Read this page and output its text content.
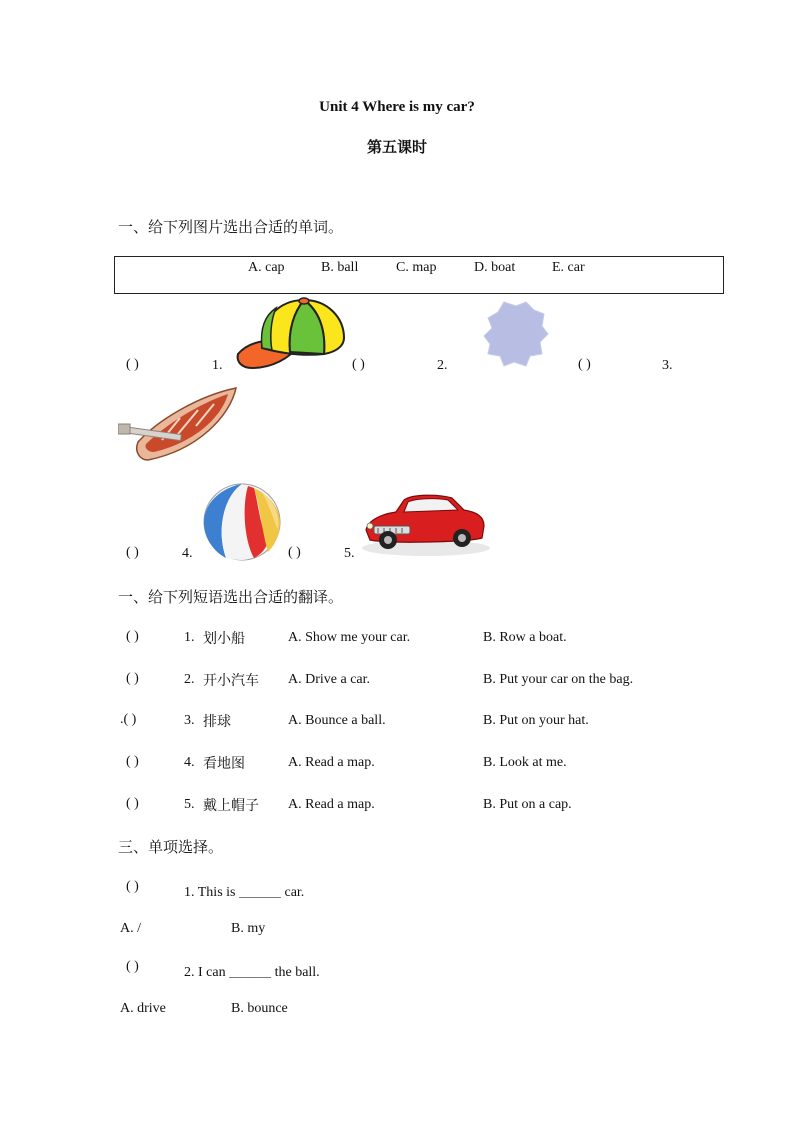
Unit 4 Where is my car?
第五课时
一、给下列图片选出合适的单词。
A. cap	B. ball	C. map	D. boat	E. car
( )	1.	( )	2.	( )	3.
( )	4.	( )	5.
一、给下列短语选出合适的翻译。
( )	1. 划小船	A. Show me your car.	B. Row a boat.
( )	2. 开小汽车 A. Drive a car.	B. Put your car on the bag.
.( )	3. 排球	A. Bounce a ball.	B. Put on your hat.
( )	4. 看地图	A. Read a map.	B. Look at me.
( )	5. 戴上帽子 A. Read a map.	B. Put on a cap.
三、单项选择。
( )	1. This is ＿＿＿ car.
A. /	B. my
( )	2. I can ＿＿＿ the ball.
A. drive	B. bounce
